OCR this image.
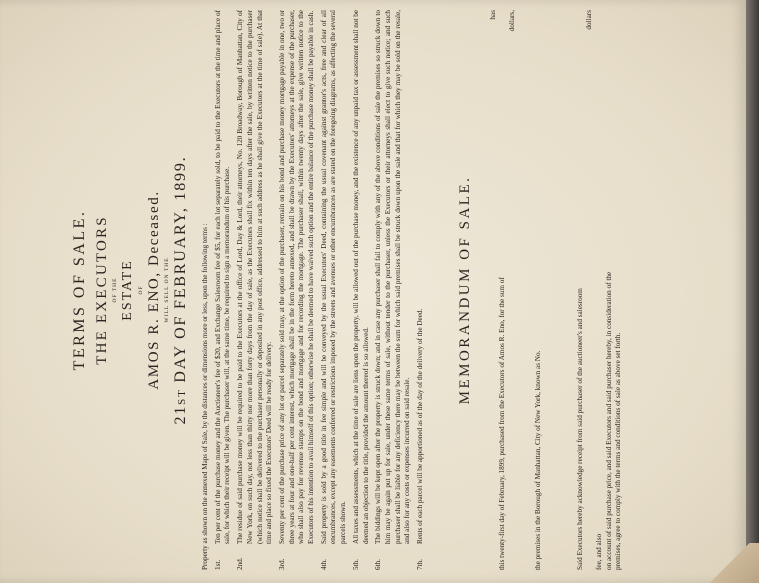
TERMS OF SALE. THE EXECUTORS OF THE ESTATE OF AMOS R. ENO, Deceased. WILL SELL ON THE 21st DAY OF FEBRUARY, 1899. Property as shown on the annexed Maps of Sale, by the distances or dimensions more or less, upon the following terms : 1st.
Ten per cent of the purchase money and the Auctioneer's fee of $20, and Exchange Salesroom fee of $5, for each lot separately sold, to be paid to the Executors at the time and place of sale, for which their receipt will be given. The purchaser will, at the same time, be required to sign a memorandum of his purchase.
2nd.
The residue of said purchase money will be required to be paid to the Executors at the office of Lord, Day & Lord, their attorneys, No. 120 Broadway, Borough of Manhattan, City of New York, on such day, not less than thirty nor more than forty days from the day of sale, as the Executors shall fix within ten days after the sale, by written notice to the purchaser (which notice shall be delivered to the purchaser personally or deposited in any post office, addressed to him at such address as he shall give the Executors at the time of sale). At that time and place so fixed the Executors' Deed will be ready for delivery.
3rd.
Seventy per cent of the purchase price of any lot or parcel separately sold may, at the option of the purchaser, remain on his bond and purchase money mortgage payable in one, two or three years at four and one-half per cent interest, which mortgage shall be in the form hereto annexed, and shall be drawn by the Executors' attorneys at the expense of the purchaser, who shall also pay for revenue stamps on the bond and mortgage and for recording the mortgage. The purchaser shall, within twenty days after the sale, give written notice to the Executors of his intention to avail himself of this option; otherwise he shall be deemed to have waived such option and the entire balance of the purchase money shall be payable in cash.
4th.
Said property is sold by a good title in fee simple and will be conveyed by the usual Executors' Deed, containing the usual covenant against grantor's acts, free and clear of all encumbrances, except any easements conferred or restrictions imposed by the streets and avenues or other encumbrances as are stated on the foregoing diagrams, as affecting the several parcels shown.
5th.
All taxes and assessments, which at the time of sale are liens upon the property, will be allowed out of the purchase money, and the existence of any unpaid tax or assessment shall not be deemed an objection to the title, provided the amount thereof is so allowed.
6th.
The biddings will be kept open after the property is struck down; and in case any purchaser shall fail to comply with any of the above conditions of sale the premises so struck down to him may be again put up for sale, under these same terms of sale, without tender to the purchaser, unless the Executors or their attorneys shall elect to give such notice; and such purchaser shall be liable for any deficiency there may be between the sum for which said premises shall be struck down upon the sale and that for which they may be sold on the resale, and also for any costs or expenses incurred on said resale.
7th.
Rents of each parcel will be apportioned as of the day of the delivery of the Deed.
MEMORANDUM OF SALE.
has
this twenty-first day of February, 1899, purchased from the Executors of Amos R. Eno, for the sum of
dollars,
the premises in the Borough of Manhattan, City of New York, known as No.	Said Executors hereby acknowledge receipt from said purchaser of the auctioneer's and salesroom
dollars
fee, and also on account of said purchase price, and said Executors and said purchaser hereby, in consideration of the premises, agree to comply with the terms and conditions of sale as above set forth.
